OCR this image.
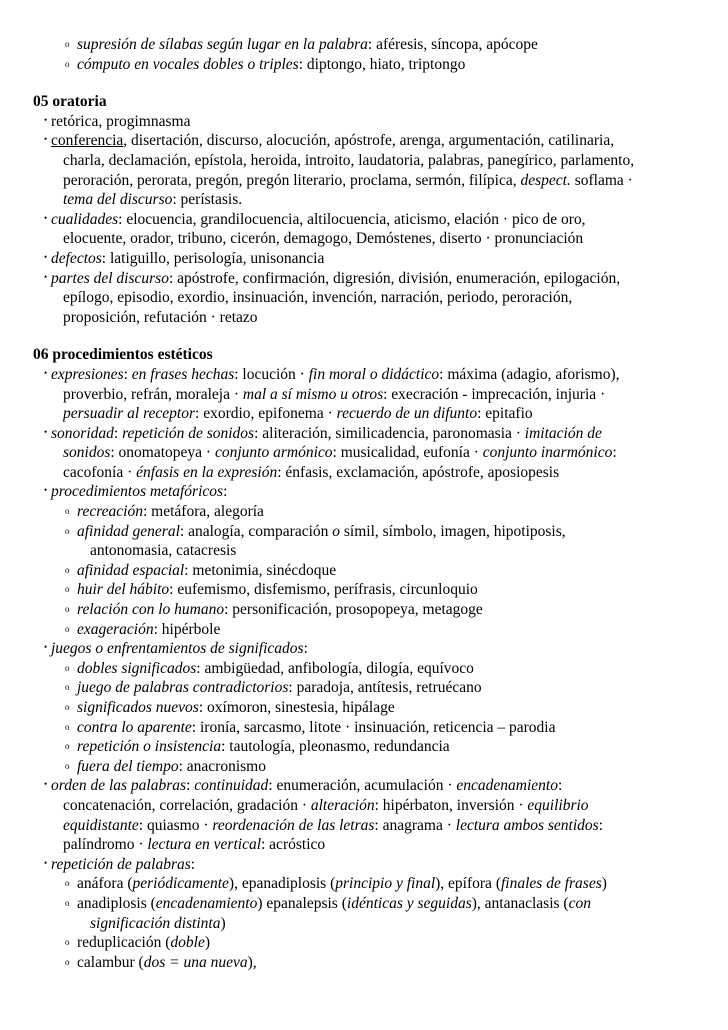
o supresión de sílabas según lugar en la palabra: aféresis, síncopa, apócope
o cómputo en vocales dobles o triples: diptongo, hiato, triptongo
05 oratoria
• retórica, progimnasma
• conferencia, disertación, discurso, alocución, apóstrofe, arenga, argumentación, catilinaria,
charla, declamación, epístola, heroida, introito, laudatoria, palabras, panegírico, parlamento,
peroración, perorata, pregón, pregón literario, proclama, sermón, filípica, despect. soflama ·
tema del discurso: perístasis.
• cualidades: elocuencia, grandilocuencia, altilocuencia, aticismo, elación · pico de oro,
elocuente, orador, tribuno, cicerón, demagogo, Demóstenes, diserto · pronunciación
• defectos: latiguillo, perisología, unisonancia
• partes del discurso: apóstrofe, confirmación, digresión, división, enumeración, epilogación,
epílogo, episodio, exordio, insinuación, invención, narración, periodo, peroración,
proposición, refutación · retazo
06 procedimientos estéticos
• expresiones: en frases hechas: locución · fin moral o didáctico: máxima (adagio, aforismo),
proverbio, refrán, moraleja · mal a sí mismo u otros: execración - imprecación, injuria ·
persuadir al receptor: exordio, epifonema · recuerdo de un difunto: epitafio
• sonoridad: repetición de sonidos: aliteración, similicadencia, paronomasia · imitación de
sonidos: onomatopeya · conjunto armónico: musicalidad, eufonía · conjunto inarmónico:
cacofonía · énfasis en la expresión: énfasis, exclamación, apóstrofe, aposiopesis
• procedimientos metafóricos:
o recreación: metáfora, alegoría
o afinidad general: analogía, comparación o símil, símbolo, imagen, hipotiposis,
antonomasia, catacresis
o afinidad espacial: metonimia, sinécdoque
o huir del hábito: eufemismo, disfemismo, perífrasis, circunloquio
o relación con lo humano: personificación, prosopopeya, metagoge
o exageración: hipérbole
• juegos o enfrentamientos de significados:
o dobles significados: ambigüedad, anfibología, dilogía, equívoco
o juego de palabras contradictorios: paradoja, antítesis, retruécano
o significados nuevos: oxímoron, sinestesia, hipálage
o contra lo aparente: ironía, sarcasmo, litote · insinuación, reticencia – parodia
o repetición o insistencia: tautología, pleonasmo, redundancia
o fuera del tiempo: anacronismo
• orden de las palabras: continuidad: enumeración, acumulación · encadenamiento:
concatenación, correlación, gradación · alteración: hipérbaton, inversión · equilibrio
equidistante: quiasmo · reordenación de las letras: anagrama · lectura ambos sentidos:
palíndromo · lectura en vertical: acróstico
• repetición de palabras:
o anáfora (periódicamente), epanadiplosis (principio y final), epífora (finales de frases)
o anadiplosis (encadenamiento) epanalepsis (idénticas y seguidas), antanaclasis (con
significación distinta)
o reduplicación (doble)
o calambur (dos = una nueva),
